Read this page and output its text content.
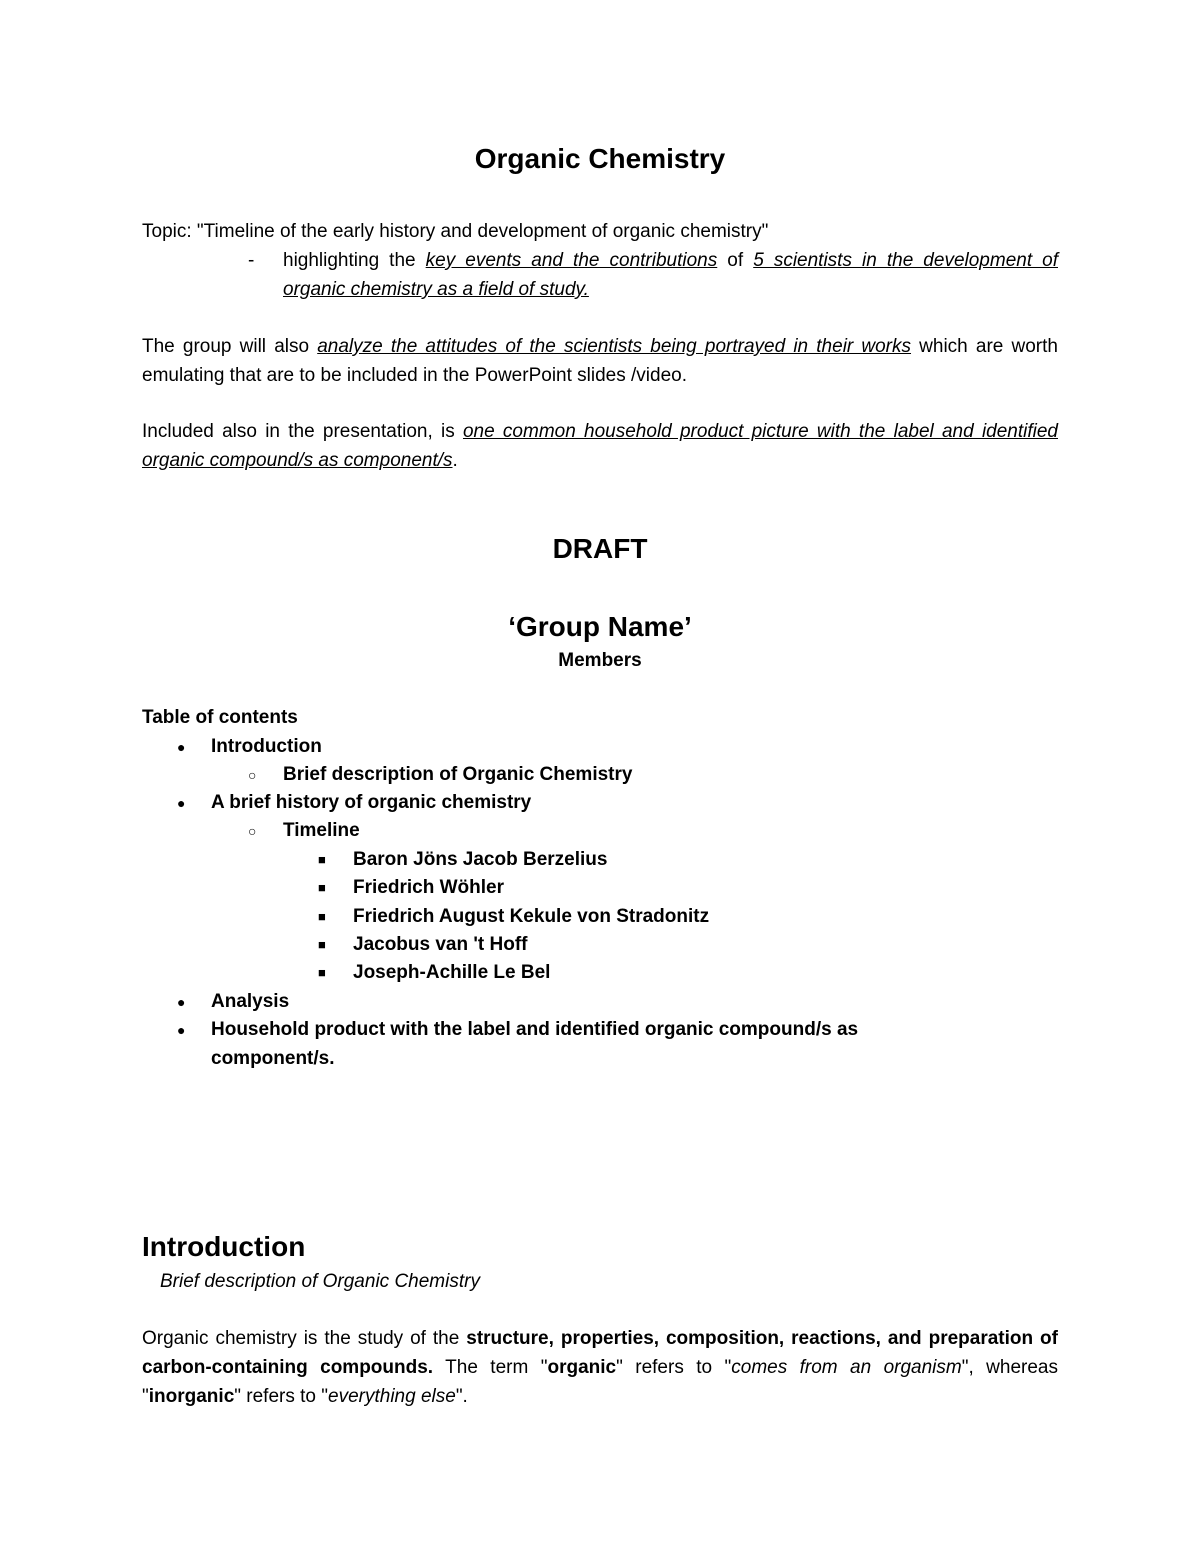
Organic Chemistry
Topic: "Timeline of the early history and development of organic chemistry"
- highlighting the key events and the contributions of 5 scientists in the development of organic chemistry as a field of study.
The group will also analyze the attitudes of the scientists being portrayed in their works which are worth emulating that are to be included in the PowerPoint slides /video.
Included also in the presentation, is one common household product picture with the label and identified organic compound/s as component/s.
DRAFT
‘Group Name’
Members
Table of contents
● Introduction
○ Brief description of Organic Chemistry
● A brief history of organic chemistry
○ Timeline
■ Baron Jöns Jacob Berzelius
■ Friedrich Wöhler
■ Friedrich August Kekule von Stradonitz
■ Jacobus van 't Hoff
■ Joseph-Achille Le Bel
● Analysis
● Household product with the label and identified organic compound/s as
component/s.
Introduction
Brief description of Organic Chemistry
Organic chemistry is the study of the structure, properties, composition, reactions, and preparation of carbon-containing compounds. The term "organic" refers to "comes from an organism", whereas "inorganic" refers to "everything else".
